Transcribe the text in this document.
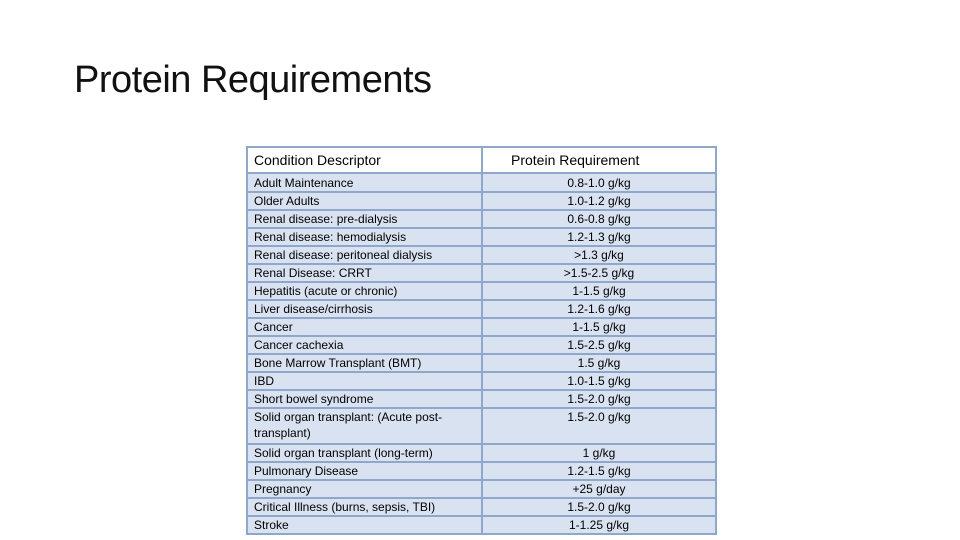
Protein Requirements
Condition Descriptor	Protein Requirement
Adult Maintenance	0.8-1.0 g/kg
Older Adults	1.0-1.2 g/kg
Renal disease: pre-dialysis	0.6-0.8 g/kg
Renal disease: hemodialysis	1.2-1.3 g/kg
Renal disease: peritoneal dialysis	>1.3 g/kg
Renal Disease: CRRT	>1.5-2.5 g/kg
Hepatitis (acute or chronic)	1-1.5 g/kg
Liver disease/cirrhosis	1.2-1.6 g/kg
Cancer	1-1.5 g/kg
Cancer cachexia	1.5-2.5 g/kg
Bone Marrow Transplant (BMT)	1.5 g/kg
IBD	1.0-1.5 g/kg
Short bowel syndrome	1.5-2.0 g/kg
Solid organ transplant: (Acute post-transplant)	1.5-2.0 g/kg
Solid organ transplant (long-term)	1 g/kg
Pulmonary Disease	1.2-1.5 g/kg
Pregnancy	+25 g/day
Critical Illness (burns, sepsis, TBI)	1.5-2.0 g/kg
Stroke	1-1.25 g/kg
